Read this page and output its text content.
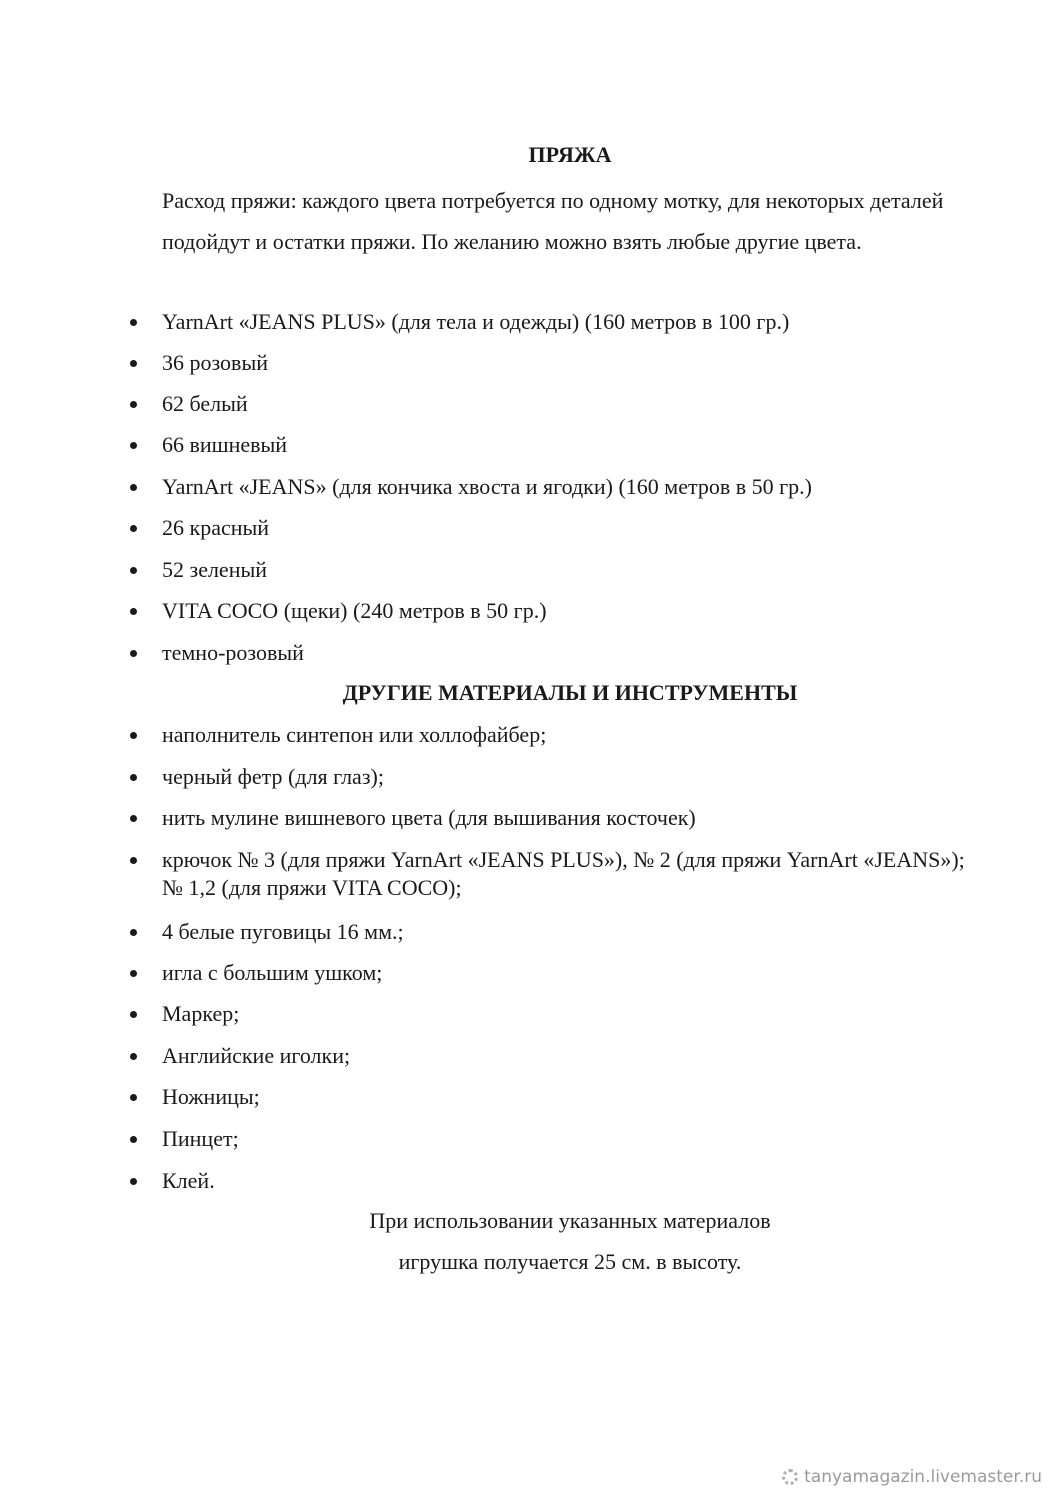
ПРЯЖА

Расход пряжи: каждого цвета потребуется по одному мотку, для некоторых деталей подойдут и остатки пряжи. По желанию можно взять любые другие цвета.

YarnArt «JEANS PLUS» (для тела и одежды) (160 метров в 100 гр.)
36 розовый
62 белый
66 вишневый
YarnArt «JEANS» (для кончика хвоста и ягодки) (160 метров в 50 гр.)
26 красный
52 зеленый
VITA COCO (щеки) (240 метров в 50 гр.)
темно-розовый
ДРУГИЕ МАТЕРИАЛЫ И ИНСТРУМЕНТЫ
наполнитель синтепон или холлофайбер;
черный фетр (для глаз);
нить мулине вишневого цвета (для вышивания косточек)
крючок № 3 (для пряжи YarnArt «JEANS PLUS»), № 2 (для пряжи YarnArt «JEANS»); № 1,2 (для пряжи VITA COCO);
4 белые пуговицы 16 мм.;
игла с большим ушком;
Маркер;
Английские иголки;
Ножницы;
Пинцет;
Клей.

При использовании указанных материалов

игрушка получается 25 см. в высоту.

tanyamagazin.livemaster.ru
